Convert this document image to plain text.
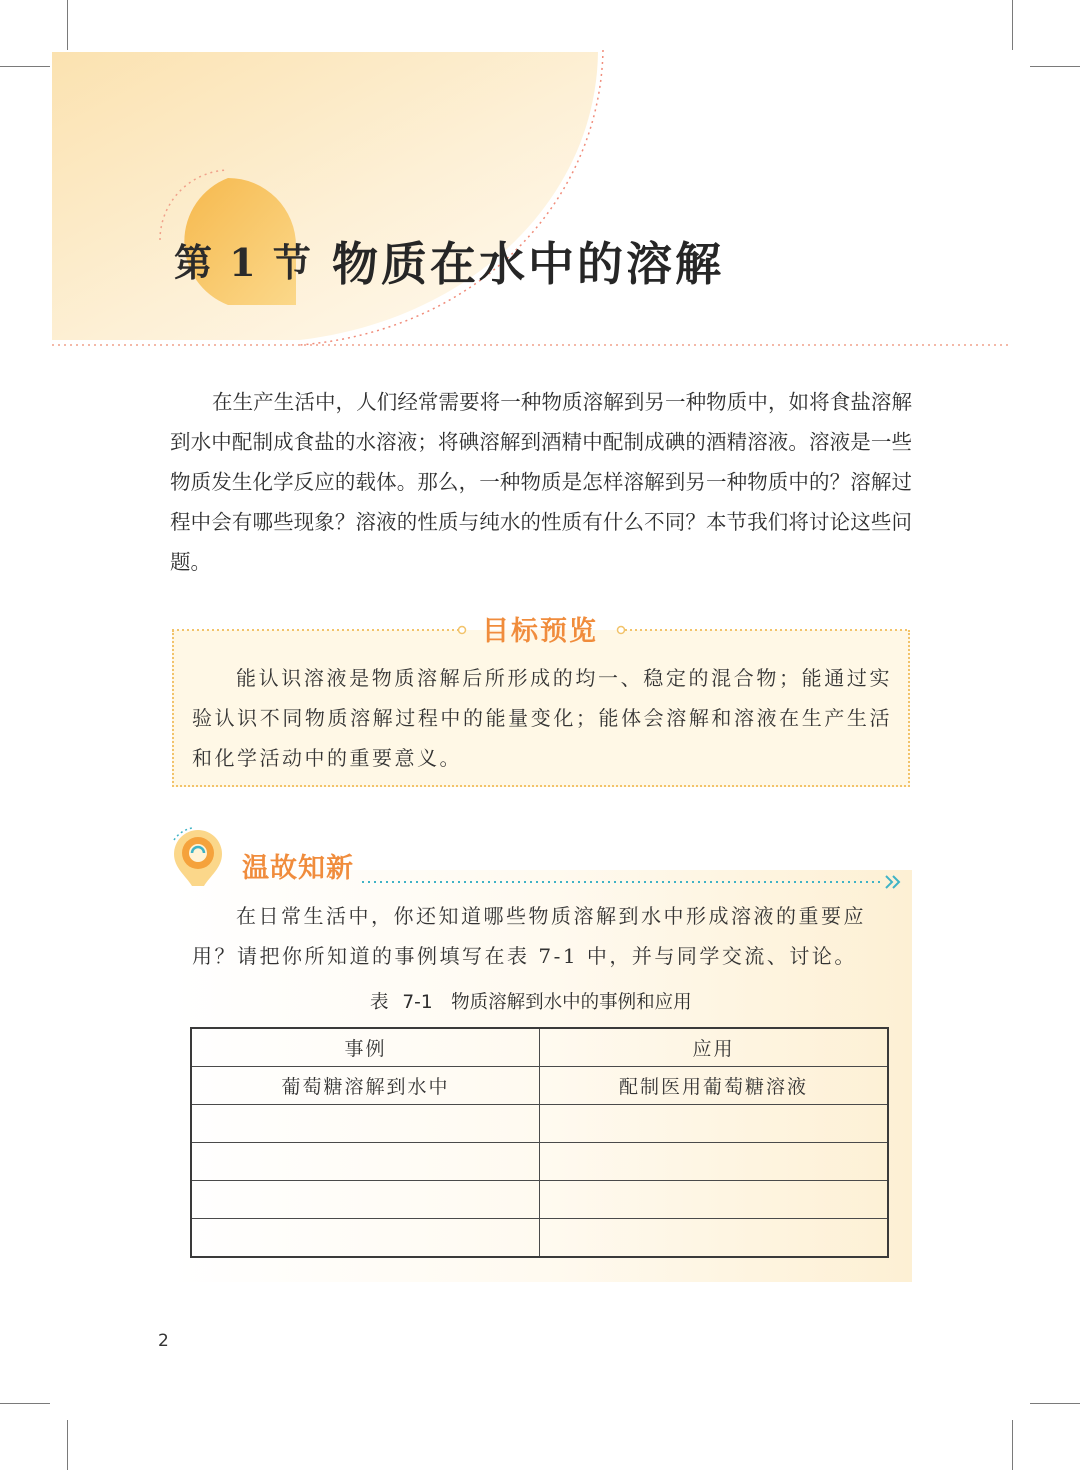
第 1 节 物质在水中的溶解

在生产生活中，人们经常需要将一种物质溶解到另一种物质中，如将食盐溶解到水中配制成食盐的水溶液；将碘溶解到酒精中配制成碘的酒精溶液。溶液是一些物质发生化学反应的载体。那么，一种物质是怎样溶解到另一种物质中的？溶解过程中会有哪些现象？溶液的性质与纯水的性质有什么不同？本节我们将讨论这些问题。

目标预览

能认识溶液是物质溶解后所形成的均一、稳定的混合物；能通过实验认识不同物质溶解过程中的能量变化；能体会溶解和溶液在生产生活和化学活动中的重要意义。

温故知新

在日常生活中，你还知道哪些物质溶解到水中形成溶液的重要应用？请把你所知道的事例填写在表 7-1 中，并与同学交流、讨论。

表 7-1　物质溶解到水中的事例和应用
事例	应用
葡萄糖溶解到水中	配制医用葡萄糖溶液

2
